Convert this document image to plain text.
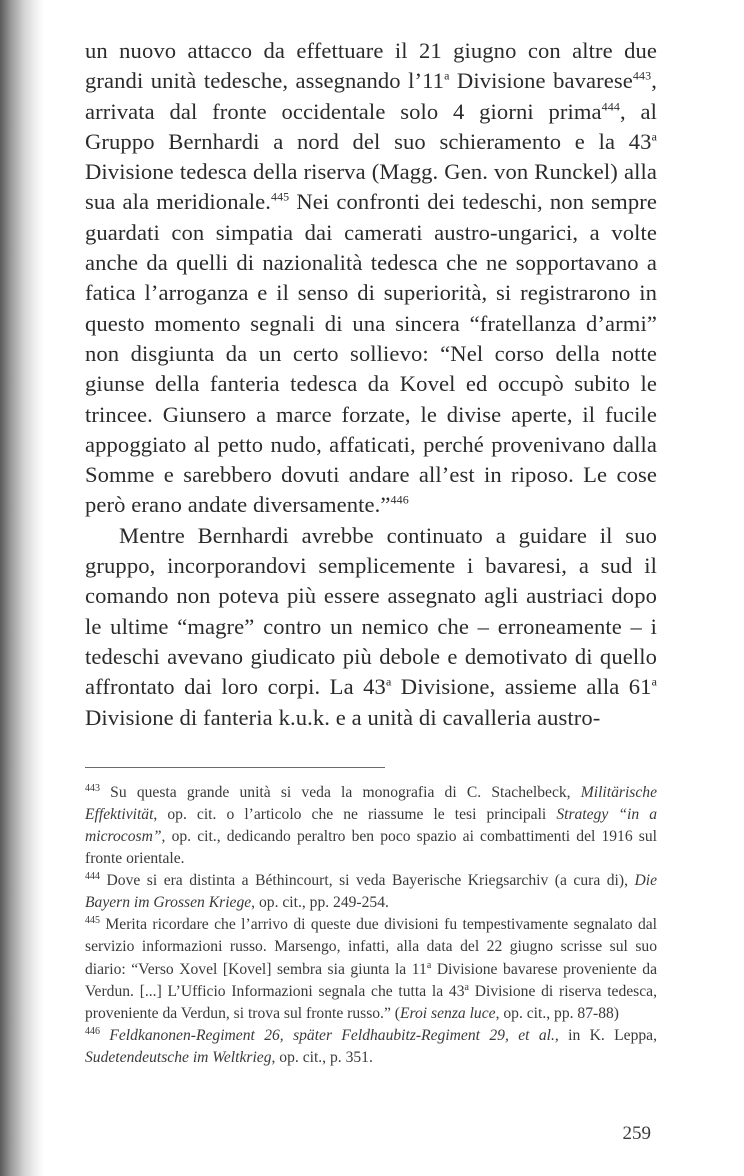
un nuovo attacco da effettuare il 21 giugno con altre due grandi unità tedesche, assegnando l’11$^a$ Divisione bavarese$^{443}$, arrivata dal fronte occidentale solo 4 giorni prima$^{444}$, al Gruppo Bernhardi a nord del suo schieramento e la 43$^a$ Divisione tedesca della riserva (Magg. Gen. von Runckel) alla sua ala meridionale.$^{445}$ Nei confronti dei tedeschi, non sempre guardati con simpatia dai camerati austro-ungarici, a volte anche da quelli di nazionalità tedesca che ne sopportavano a fatica l’arroganza e il senso di superiorità, si registrarono in questo momento segnali di una sincera “fratellanza d’armi” non disgiunta da un certo sollievo: “Nel corso della notte giunse della fanteria tedesca da Kovel ed occupò subito le trincee. Giunsero a marce forzate, le divise aperte, il fucile appoggiato al petto nudo, affaticati, perché provenivano dalla Somme e sarebbero dovuti andare all’est in riposo. Le cose però erano andate diversamente.”$^{446}$

Mentre Bernhardi avrebbe continuato a guidare il suo gruppo, incorporandovi semplicemente i bavaresi, a sud il comando non poteva più essere assegnato agli austriaci dopo le ultime “magre” contro un nemico che – erroneamente – i tedeschi avevano giudicato più debole e demotivato di quello affrontato dai loro corpi. La 43$^a$ Divisione, assieme alla 61$^a$ Divisione di fanteria k.u.k. e a unità di cavalleria austro-

$^{443}$ Su questa grande unità si veda la monografia di C. Stachelbeck, Militärische Effektivität, op. cit. o l’articolo che ne riassume le tesi principali Strategy “in a microcosm”, op. cit., dedicando peraltro ben poco spazio ai combattimenti del 1916 sul fronte orientale.

$^{444}$ Dove si era distinta a Béthincourt, si veda Bayerische Kriegsarchiv (a cura di), Die Bayern im Grossen Kriege, op. cit., pp. 249-254.

$^{445}$ Merita ricordare che l’arrivo di queste due divisioni fu tempestivamente segnalato dal servizio informazioni russo. Marsengo, infatti, alla data del 22 giugno scrisse sul suo diario: “Verso Xovel [Kovel] sembra sia giunta la 11$^a$ Divisione bavarese proveniente da Verdun. [...] L’Ufficio Informazioni segnala che tutta la 43$^a$ Divisione di riserva tedesca, proveniente da Verdun, si trova sul fronte russo.” (Eroi senza luce, op. cit., pp. 87-88)

$^{446}$ Feldkanonen-Regiment 26, später Feldhaubitz-Regiment 29, et al., in K. Leppa, Sudetendeutsche im Weltkrieg, op. cit., p. 351.

259
